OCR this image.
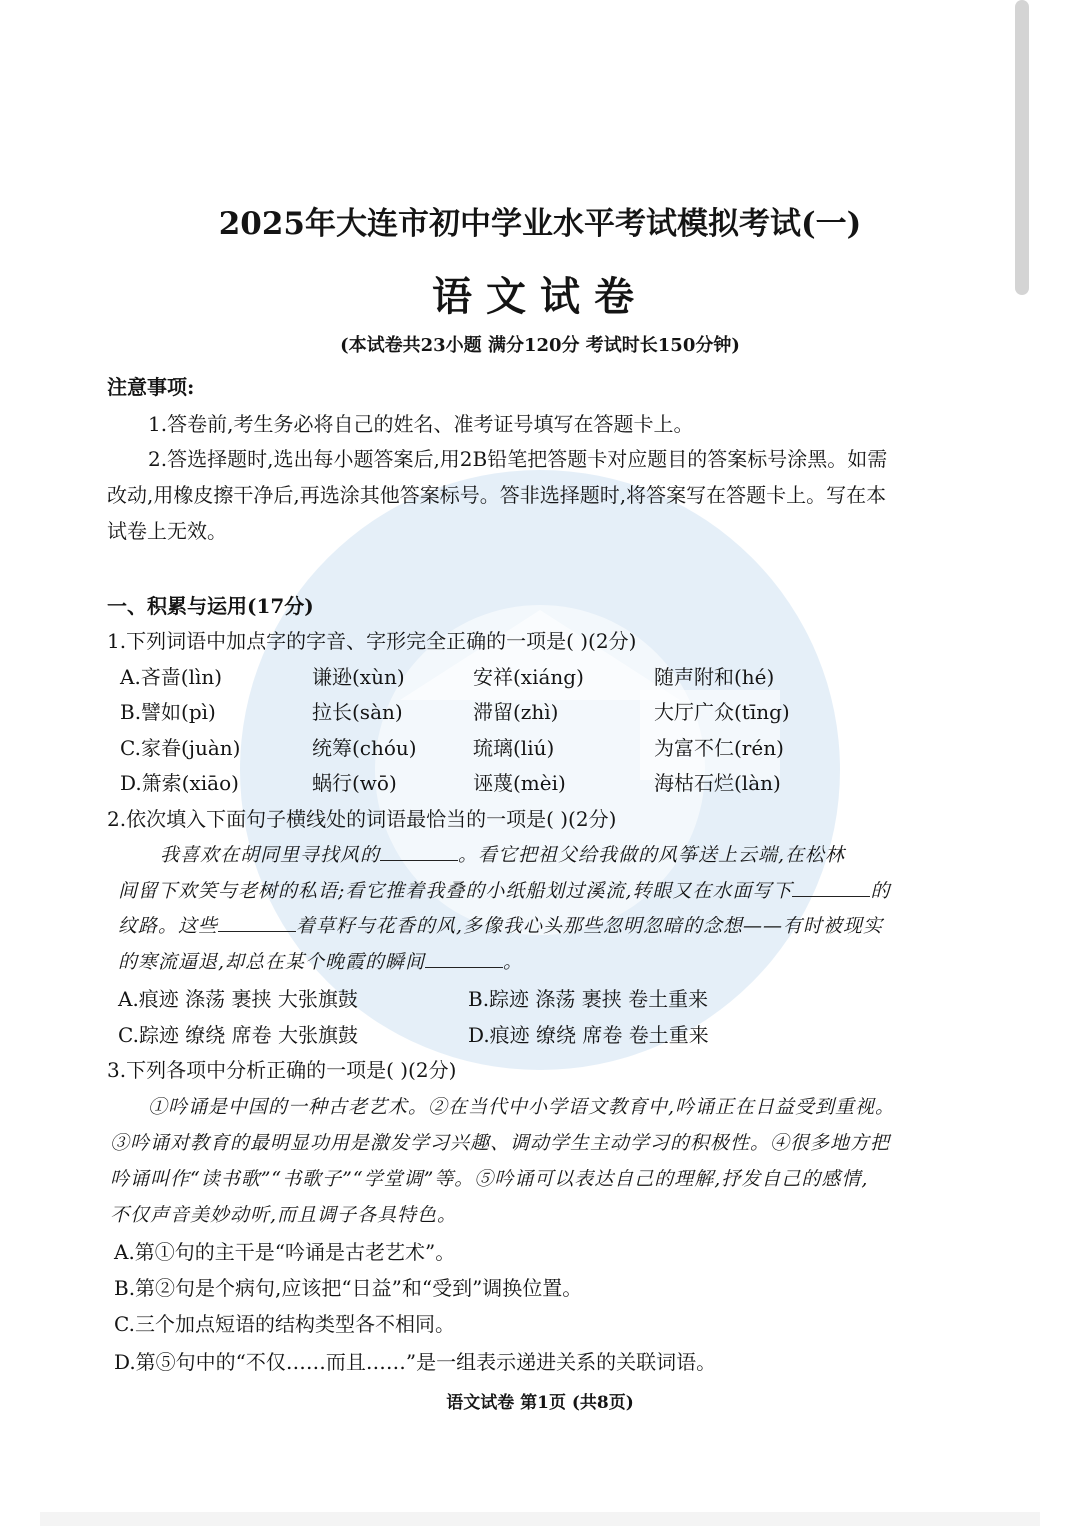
2025年大连市初中学业水平考试模拟考试(一)
语文试卷
(本试卷共23小题 满分120分 考试时长150分钟)
注意事项:
1.答卷前,考生务必将自己的姓名、准考证号填写在答题卡上。
2.答选择题时,选出每小题答案后,用2B铅笔把答题卡对应题目的答案标号涂黑。如需
改动,用橡皮擦干净后,再选涂其他答案标号。答非选择题时,将答案写在答题卡上。写在本
试卷上无效。
一、积累与运用(17分)
1.下列词语中加点字的字音、字形完全正确的一项是( )(2分)
A.吝啬(lìn)	谦逊(xùn)	安祥(xiáng)	随声附和(hé)
B.譬如(pì)	拉长(sàn)	滞留(zhì)	大厅广众(tīng)
C.家眷(juàn)	统筹(chóu)	琉璃(liú)	为富不仁(rén)
D.箫索(xiāo)	蜗行(wō)	诬蔑(mèi)	海枯石烂(làn)
2.依次填入下面句子横线处的词语最恰当的一项是( )(2分)
我喜欢在胡同里寻找风的	。看它把祖父给我做的风筝送上云端,在松林
间留下欢笑与老树的私语;看它推着我叠的小纸船划过溪流,转眼又在水面写下	的
纹路。这些	着草籽与花香的风,多像我心头那些忽明忽暗的念想——有时被现实
的寒流逼退,却总在某个晚霞的瞬间	。
A.痕迹 涤荡 裹挟 大张旗鼓	B.踪迹 涤荡 裹挟 卷土重来
C.踪迹 缭绕 席卷 大张旗鼓	D.痕迹 缭绕 席卷 卷土重来
3.下列各项中分析正确的一项是( )(2分)
①吟诵是中国的一种古老艺术。②在当代中小学语文教育中,吟诵正在日益受到重视。
③吟诵对教育的最明显功用是激发学习兴趣、调动学生主动学习的积极性。④很多地方把
吟诵叫作“读书歌”“书歌子”“学堂调”等。⑤吟诵可以表达自己的理解,抒发自己的感情,
不仅声音美妙动听,而且调子各具特色。
A.第①句的主干是“吟诵是古老艺术”。
B.第②句是个病句,应该把“日益”和“受到”调换位置。
C.三个加点短语的结构类型各不相同。
D.第⑤句中的“不仅……而且……”是一组表示递进关系的关联词语。
语文试卷 第1页 (共8页)
